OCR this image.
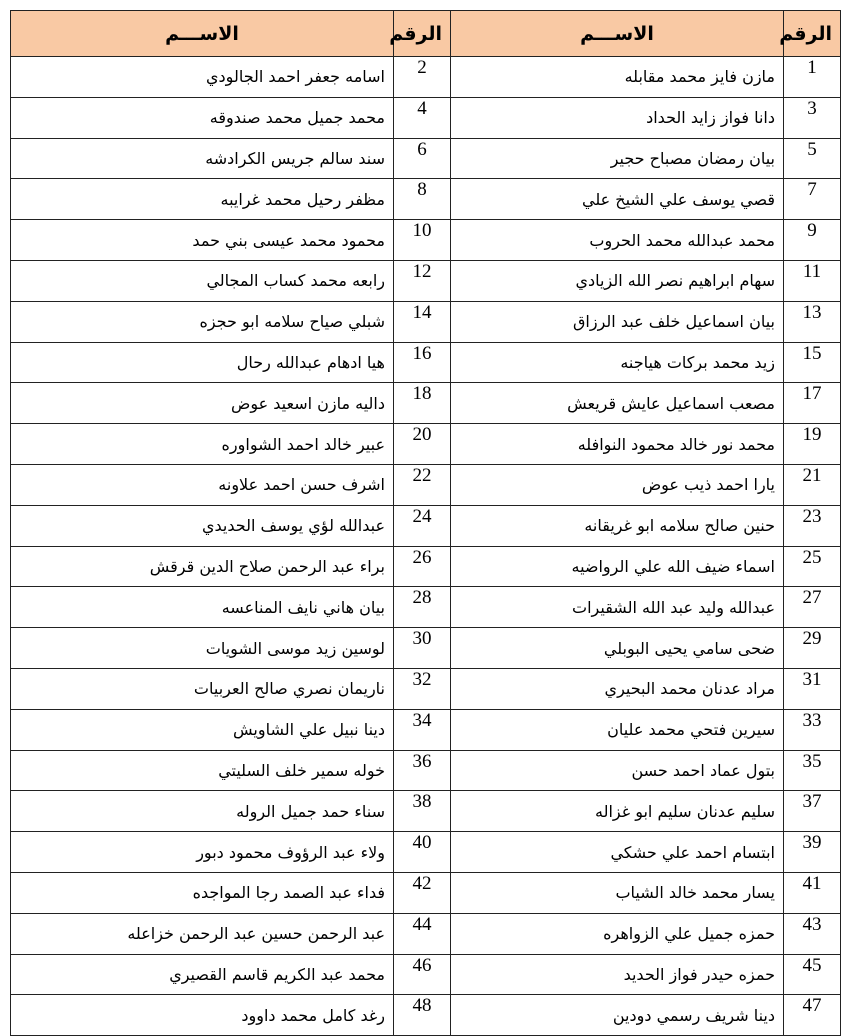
الرقم	الاســـم	الرقم	الاســـم
1	مازن فايز محمد مقابله	2	اسامه جعفر احمد الجالودي
3	دانا فواز زايد الحداد	4	محمد جميل محمد صندوقه
5	بيان رمضان مصباح حجير	6	سند سالم جريس الكرادشه
7	قصي يوسف علي الشيخ علي	8	مظفر رحيل محمد غرايبه
9	محمد عبدالله محمد الحروب	10	محمود محمد عيسى بني حمد
11	سهام ابراهيم نصر الله الزيادي	12	رابعه محمد كساب المجالي
13	بيان اسماعيل خلف عبد الرزاق	14	شبلي صياح سلامه ابو حجزه
15	زيد محمد بركات هياجنه	16	هيا ادهام عبدالله رحال
17	مصعب اسماعيل عايش قريعش	18	داليه مازن اسعيد عوض
19	محمد نور خالد محمود النوافله	20	عبير خالد احمد الشواوره
21	يارا احمد ذيب عوض	22	اشرف حسن احمد علاونه
23	حنين صالح سلامه ابو غريقانه	24	عبدالله لؤي يوسف الحديدي
25	اسماء ضيف الله علي الرواضيه	26	براء عبد الرحمن صلاح الدين قرقش
27	عبدالله وليد عبد الله الشقيرات	28	بيان هاني نايف المناعسه
29	ضحى سامي يحيى البوبلي	30	لوسين زيد موسى الشويات
31	مراد عدنان محمد البحيري	32	ناريمان نصري صالح العربيات
33	سيرين فتحي محمد عليان	34	دينا نبيل علي الشاويش
35	بتول عماد احمد حسن	36	خوله سمير خلف السليتي
37	سليم عدنان سليم ابو غزاله	38	سناء حمد جميل الروله
39	ابتسام احمد علي حشكي	40	ولاء عبد الرؤوف محمود دبور
41	يسار محمد خالد الشياب	42	فداء عبد الصمد رجا المواجده
43	حمزه جميل علي الزواهره	44	عبد الرحمن حسين عبد الرحمن خزاعله
45	حمزه حيدر فواز الحديد	46	محمد عبد الكريم قاسم القصيري
47	دينا شريف رسمي دودين	48	رغد كامل محمد داوود
